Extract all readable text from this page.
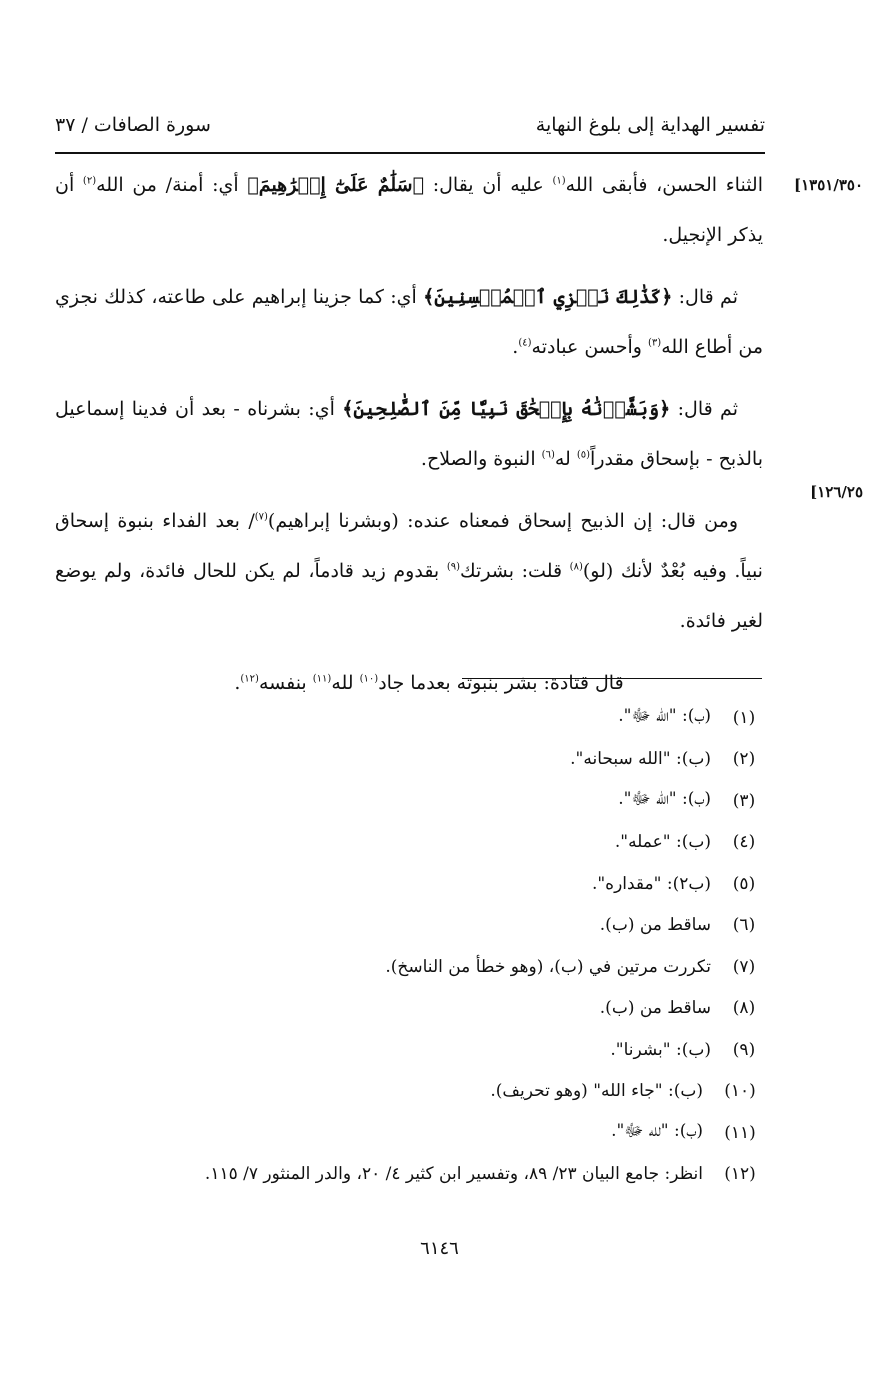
تفسير الهداية إلى بلوغ النهاية
سورة الصافات / ٣٧
[١٣٥١/٣٥٠
[١٢٦/٢٥

الثناء الحسن، فأبقى الله$^{(١)}$ عليه أن يقال: ﴿سَلَٰمٌ عَلَىٰٓ إِبۡرَٰهِيمَ﴾ أي: أمنة/ من الله$^{(٢)}$ أن يذكر الإنجيل.

ثم قال: ﴿كَذَٰلِكَ نَجۡزِي ٱلۡمُحۡسِنِينَ﴾ أي: كما جزينا إبراهيم على طاعته، كذلك نجزي من أطاع الله$^{(٣)}$ وأحسن عبادته$^{(٤)}$.

ثم قال: ﴿وَبَشَّرۡنَٰهُ بِإِسۡحَٰقَ نَبِيّٗا مِّنَ ٱلصَّٰلِحِينَ﴾ أي: بشرناه - بعد أن فدينا إسماعيل بالذبح - بإسحاق مقدراً$^{(٥)}$ له$^{(٦)}$ النبوة والصلاح.

ومن قال: إن الذبيح إسحاق فمعناه عنده: (وبشرنا إبراهيم)$^{(٧)}$/ بعد الفداء بنبوة إسحاق نبياً. وفيه بُعْدٌ لأنك (لو)$^{(٨)}$ قلت: بشرتك$^{(٩)}$ بقدوم زيد قادماً، لم يكن للحال فائدة، ولم يوضع لغير فائدة.

قال قتادة: بشر بنبوته بعدما جاد$^{(١٠)}$ لله$^{(١١)}$ بنفسه$^{(١٢)}$.

(١)
(ب): "الله ﷻ".
(٢)
(ب): "الله سبحانه".
(٣)
(ب): "الله ﷻ".
(٤)
(ب): "عمله".
(٥)
(ب٢): "مقداره".
(٦)
ساقط من (ب).
(٧)
تكررت مرتين في (ب)، (وهو خطأ من الناسخ).
(٨)
ساقط من (ب).
(٩)
(ب): "بشرنا".
(١٠)
(ب): "جاء الله" (وهو تحريف).
(١١)
(ب): "لله ﷻ".
(١٢)
انظر: جامع البيان ٢٣/ ٨٩، وتفسير ابن كثير ٤/ ٢٠، والدر المنثور ٧/ ١١٥.
٦١٤٦
